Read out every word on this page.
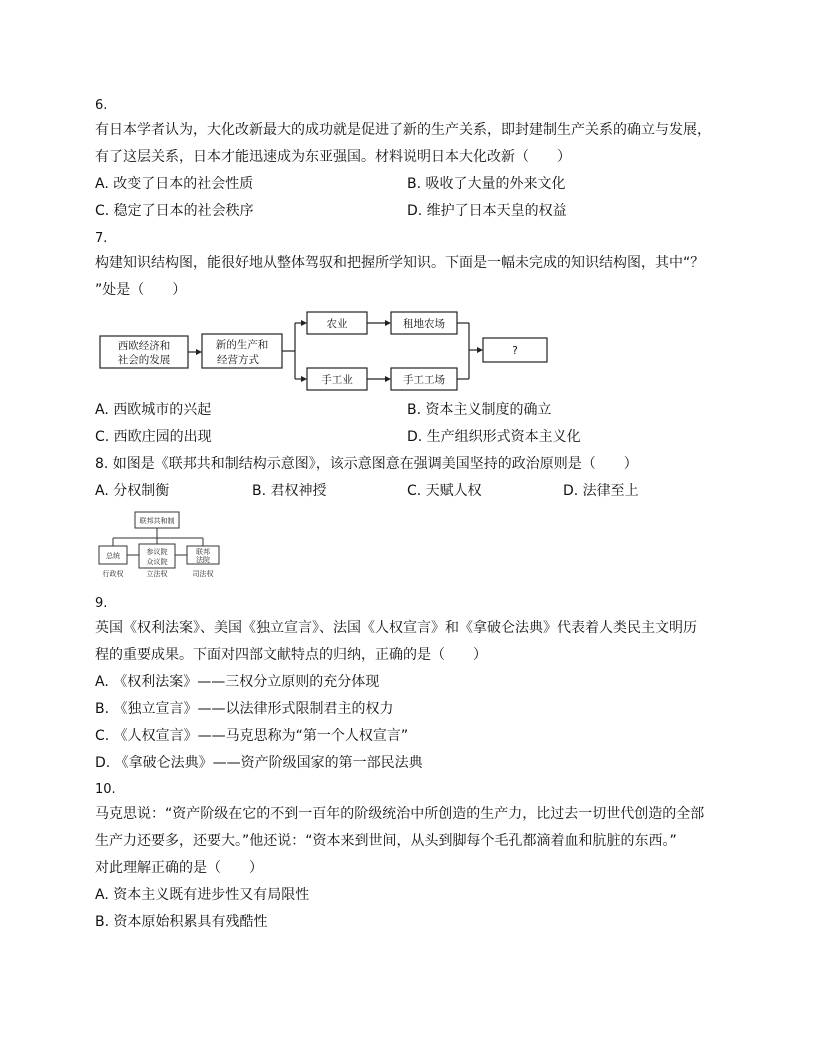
6.
有日本学者认为，大化改新最大的成功就是促进了新的生产关系，即封建制生产关系的确立与发展，
有了这层关系，日本才能迅速成为东亚强国。材料说明日本大化改新（　　）
A. 改变了日本的社会性质	B. 吸收了大量的外来文化
C. 稳定了日本的社会秩序	D. 维护了日本天皇的权益
7.
构建知识结构图，能很好地从整体驾驭和把握所学知识。下面是一幅未完成的知识结构图，其中“？
”处是（　　）
西欧经济和
社会的发展
新的生产和
经营方式
农业	租地农场
手工业	手工工场
?
A. 西欧城市的兴起	B. 资本主义制度的确立
C. 西欧庄园的出现	D. 生产组织形式资本主义化
8. 如图是《联邦共和制结构示意图》，该示意图意在强调美国坚持的政治原则是（　　）
A. 分权制衡	B. 君权神授	C. 天赋人权	D. 法律至上
联邦共和制
总统	参议院
众议院
联邦
法院
行政权	立法权	司法权
9.
英国《权利法案》、美国《独立宣言》、法国《人权宣言》和《拿破仑法典》代表着人类民主文明历
程的重要成果。下面对四部文献特点的归纳，正确的是（　　）
A. 《权利法案》——三权分立原则的充分体现
B. 《独立宣言》——以法律形式限制君主的权力
C. 《人权宣言》——马克思称为“第一个人权宣言”
D. 《拿破仑法典》——资产阶级国家的第一部民法典
10.
马克思说：“资产阶级在它的不到一百年的阶级统治中所创造的生产力，比过去一切世代创造的全部
生产力还要多，还要大。”他还说：“资本来到世间，从头到脚每个毛孔都滴着血和肮脏的东西。”
对此理解正确的是（　　）
A. 资本主义既有进步性又有局限性
B. 资本原始积累具有残酷性
